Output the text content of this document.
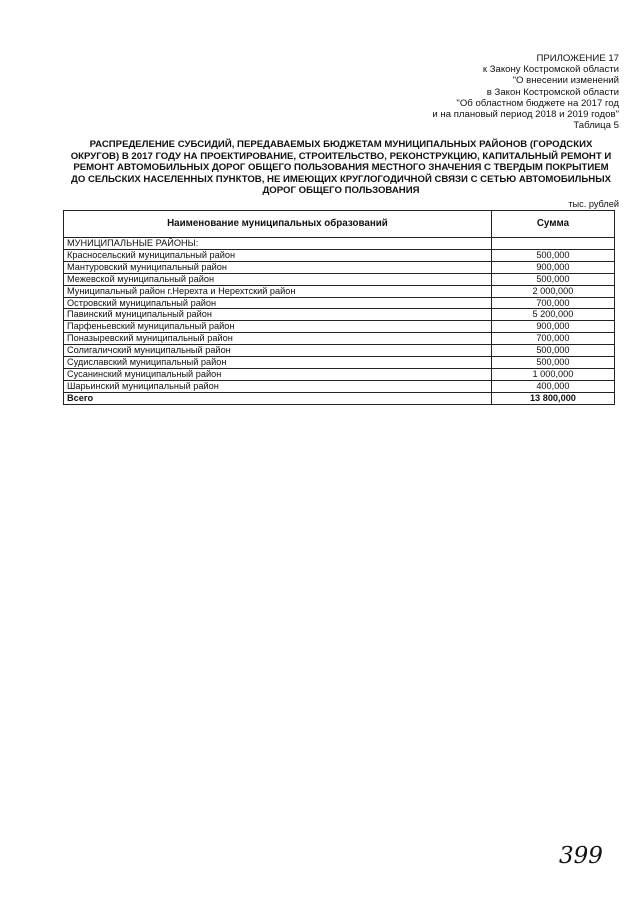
ПРИЛОЖЕНИЕ 17
к Закону Костромской области
"О внесении изменений
в Закон Костромской области
"Об областном бюджете на 2017 год
и на плановый период 2018 и 2019 годов"
Таблица 5
РАСПРЕДЕЛЕНИЕ СУБСИДИЙ, ПЕРЕДАВАЕМЫХ БЮДЖЕТАМ МУНИЦИПАЛЬНЫХ РАЙОНОВ (ГОРОДСКИХ
ОКРУГОВ) В 2017 ГОДУ НА ПРОЕКТИРОВАНИЕ, СТРОИТЕЛЬСТВО, РЕКОНСТРУКЦИЮ, КАПИТАЛЬНЫЙ РЕМОНТ И
РЕМОНТ АВТОМОБИЛЬНЫХ ДОРОГ ОБЩЕГО ПОЛЬЗОВАНИЯ МЕСТНОГО ЗНАЧЕНИЯ С ТВЕРДЫМ ПОКРЫТИЕМ
ДО СЕЛЬСКИХ НАСЕЛЕННЫХ ПУНКТОВ, НЕ ИМЕЮЩИХ КРУГЛОГОДИЧНОЙ СВЯЗИ С СЕТЬЮ АВТОМОБИЛЬНЫХ
ДОРОГ ОБЩЕГО ПОЛЬЗОВАНИЯ
тыс. рублей
Наименование муниципальных образований	Сумма
МУНИЦИПАЛЬНЫЕ РАЙОНЫ:	
Красносельский муниципальный район	500,000
Мантуровский муниципальный район	900,000
Межевской муниципальный район	500,000
Муниципальный район г.Нерехта и Нерехтский район	2 000,000
Островский муниципальный район	700,000
Павинский муниципальный район	5 200,000
Парфеньевский муниципальный район	900,000
Поназыревский муниципальный район	700,000
Солигаличский муниципальный район	500,000
Судиславский муниципальный район	500,000
Сусанинский муниципальный район	1 000,000
Шарьинский муниципальный район	400,000
Всего	13 800,000
399
